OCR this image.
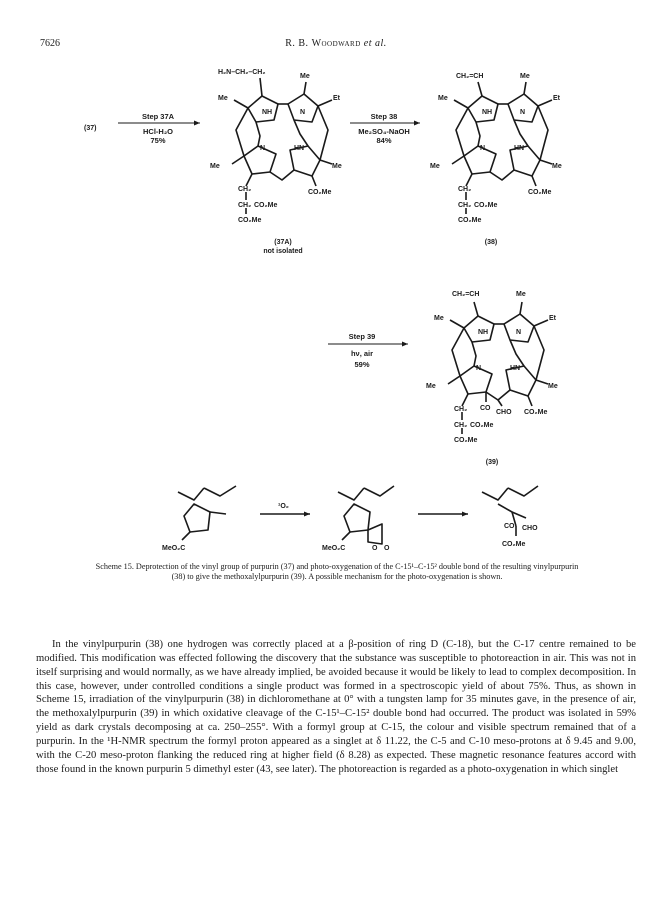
7626	R. B. Woodward et al.
(37)
Step 37A
HCl-H₂O
75%
Step 38
Me₂SO₄-NaOH
84%
Step 39
hν, air
59%
H₂N–CH₂–CH₂
Me
Me	Et
NH	N
N	HN
Me
CO₂Me
Me
CH₂
CH₂ CO₂Me
CO₂Me
(37A)
not isolated
CH₂=CH	Me
Me	Et
NH	N
N	HN
Me
CO₂Me
Me
CH₂
CH₂ CO₂Me
CO₂Me
(38)
CH₂=CH	Me
Me	Et
NH	N
N	HN
Me
CO₂Me
Me
CO
CHO
CH₂
CH₂ CO₂Me
CO₂Me
(39)
¹O₂
MeO₂C	MeO₂C	O O
CO CHO
CO₂Me
Scheme 15. Deprotection of the vinyl group of purpurin (37) and photo-oxygenation of the C-15¹–C-15² double bond of the resulting vinylpurpurin (38) to give the methoxalylpurpurin (39). A possible mechanism for the photo-oxygenation is shown.

In the vinylpurpurin (38) one hydrogen was correctly placed at a β-position of ring D (C-18), but the C-17 centre remained to be modified. This modification was effected following the discovery that the substance was susceptible to photoreaction in air. This was not in itself surprising and would normally, as we have already implied, be avoided because it would be likely to lead to complex decomposition. In this case, however, under controlled conditions a single product was formed in a spectroscopic yield of about 75%. Thus, as shown in Scheme 15, irradiation of the vinylpurpurin (38) in dichloromethane at 0° with a tungsten lamp for 35 minutes gave, in the presence of air, the methoxalylpurpurin (39) in which oxidative cleavage of the C-15¹–C-15² double bond had occurred. The product was isolated in 59% yield as dark crystals decomposing at ca. 250–255°. With a formyl group at C-15, the colour and visible spectrum remained that of a purpurin. In the ¹H-NMR spectrum the formyl proton appeared as a singlet at δ 11.22, the C-5 and C-10 meso-protons at δ 9.45 and 9.00, with the C-20 meso-proton flanking the reduced ring at higher field (δ 8.28) as expected. These magnetic resonance features accord with those found in the known purpurin 5 dimethyl ester (43, see later). The photoreaction is regarded as a photo-oxygenation in which singlet
